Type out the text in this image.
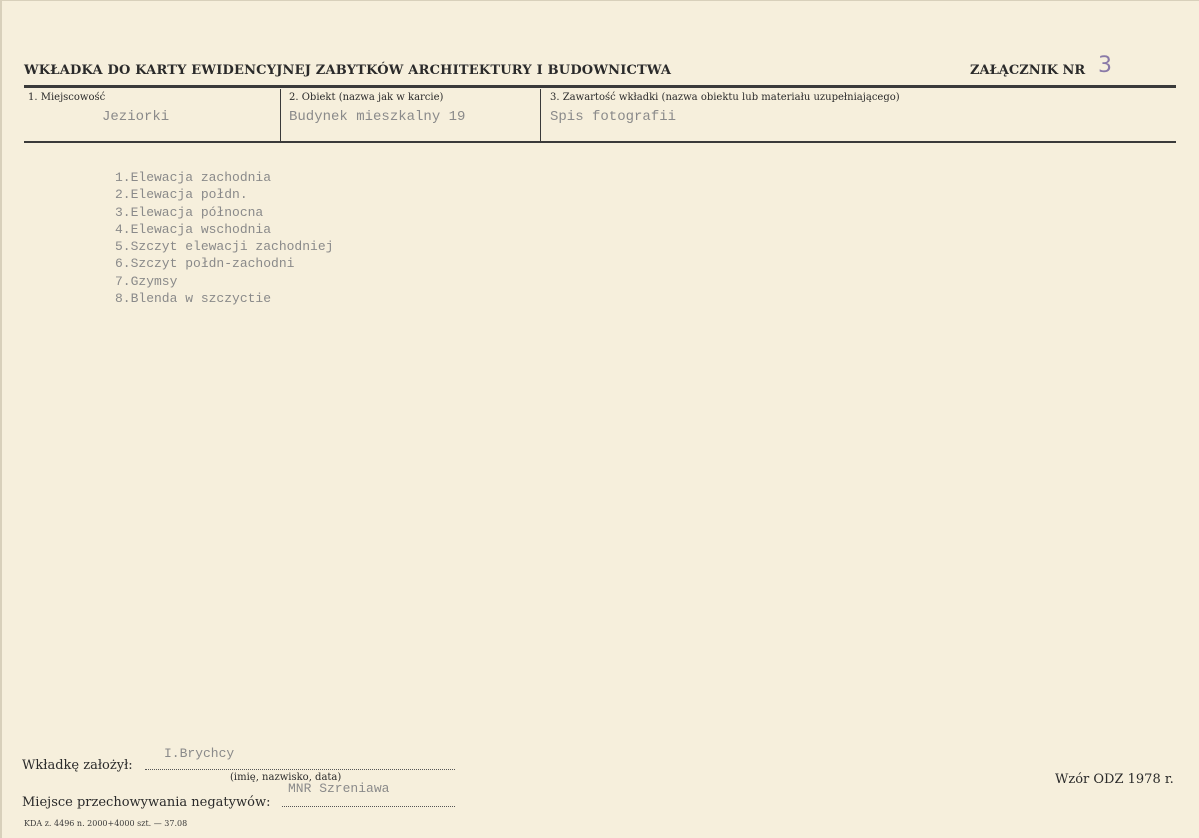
WKŁADKA DO KARTY EWIDENCYJNEJ ZABYTKÓW ARCHITEKTURY I BUDOWNICTWA	ZAŁĄCZNIK NR 3
1. Miejscowość
Jeziorki
2. Obiekt (nazwa jak w karcie)
Budynek mieszkalny 19
3. Zawartość wkładki (nazwa obiektu lub materiału uzupełniającego)
Spis fotografii
1.Elewacja zachodnia
2.Elewacja połdn.
3.Elewacja północna
4.Elewacja wschodnia
5.Szczyt elewacji zachodniej
6.Szczyt połdn-zachodni
7.Gzymsy
8.Blenda w szczyctie
I.Brychcy
Wkładkę założył:
(imię, nazwisko, data)
MNR Szreniawa
Miejsce przechowywania negatywów:
Wzór ODZ 1978 r.
KDA z. 4496 n. 2000+4000 szt. — 37.08
